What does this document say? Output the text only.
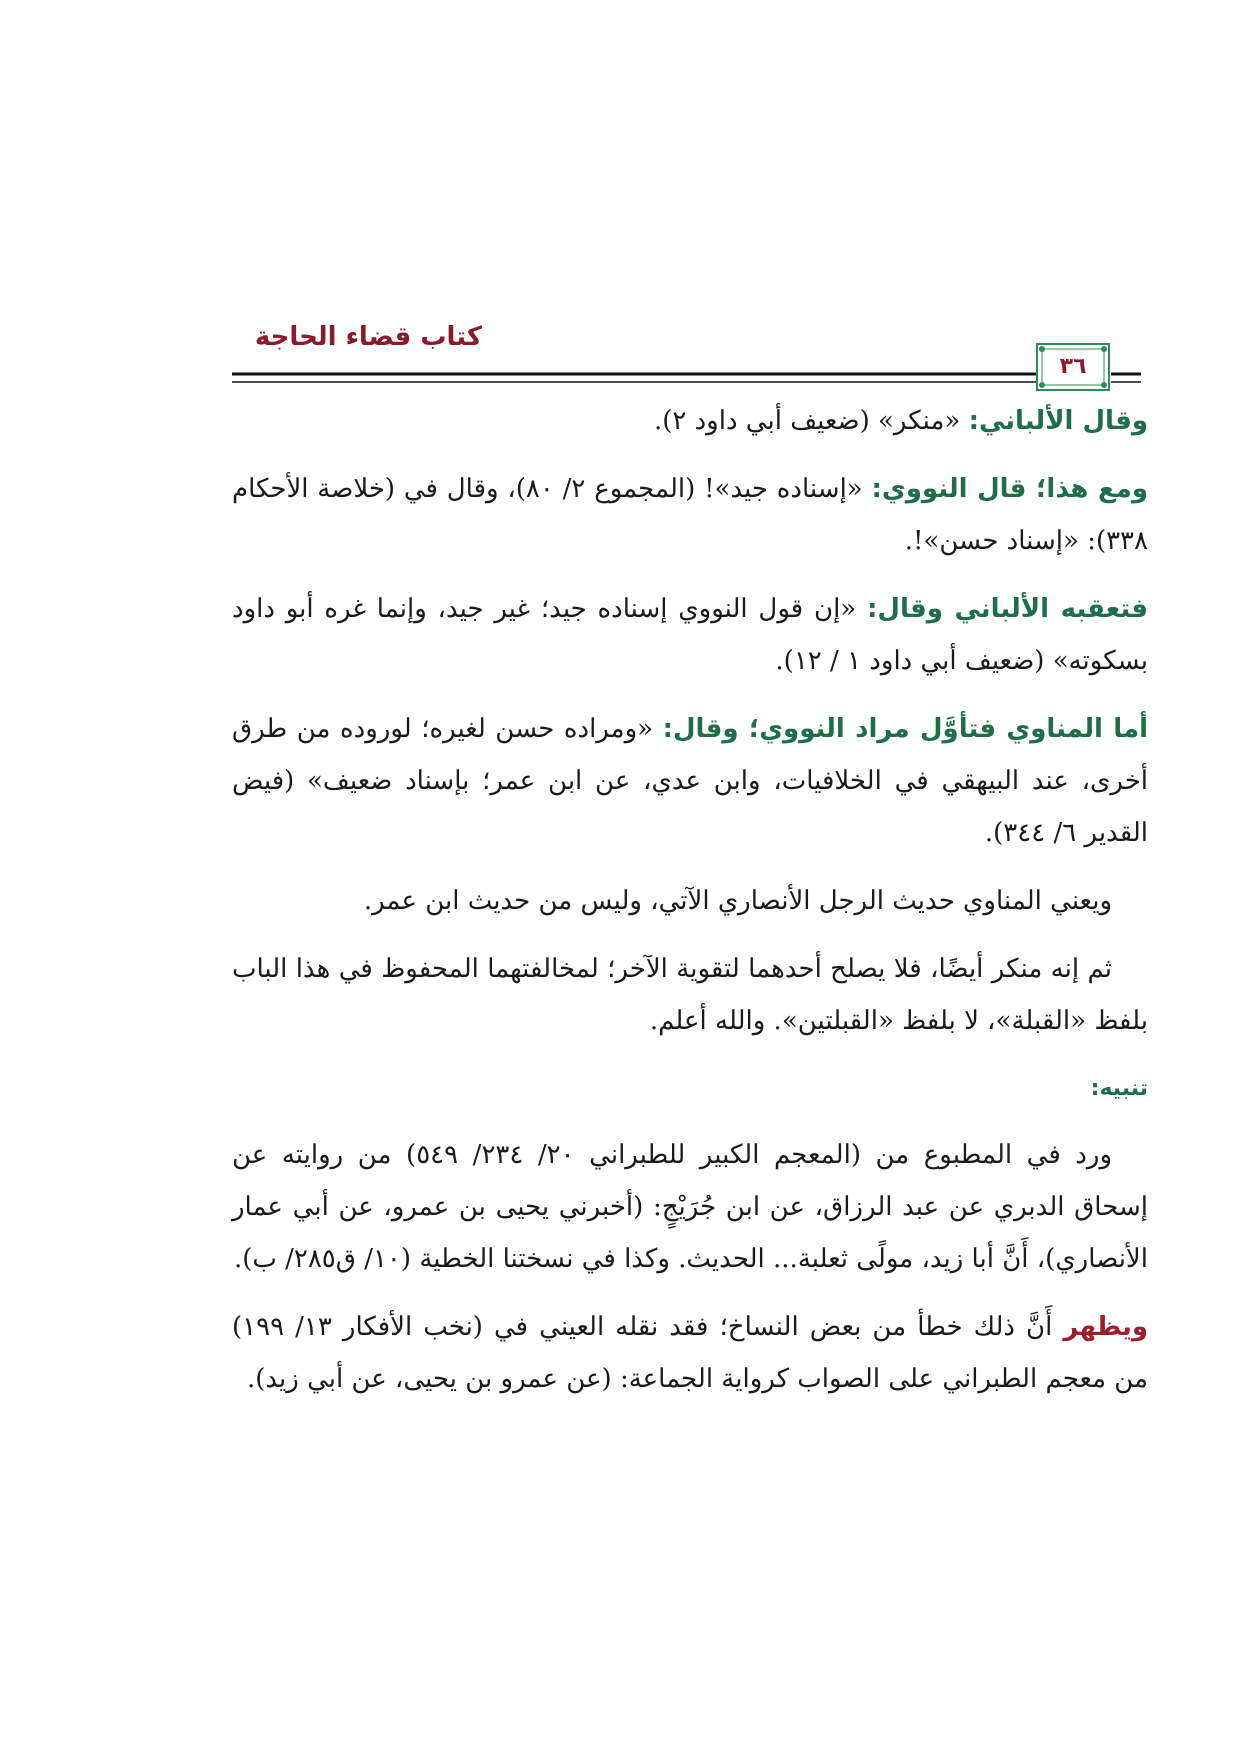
كتاب قضاء الحاجة
٣٦

وقال الألباني: «منكر» (ضعيف أبي داود ٢).

ومع هذا؛ قال النووي: «إسناده جيد»! (المجموع ٢/ ٨٠)، وقال في (خلاصة الأحكام ٣٣٨): «إسناد حسن»!.

فتعقبه الألباني وقال: «إن قول النووي إسناده جيد؛ غير جيد، وإنما غره أبو داود بسكوته» (ضعيف أبي داود ١ / ١٢).

أما المناوي فتأوَّل مراد النووي؛ وقال: «ومراده حسن لغيره؛ لوروده من طرق أخرى، عند البيهقي في الخلافيات، وابن عدي، عن ابن عمر؛ بإسناد ضعيف» (فيض القدير ٦/ ٣٤٤).

ويعني المناوي حديث الرجل الأنصاري الآتي، وليس من حديث ابن عمر.

ثم إنه منكر أيضًا، فلا يصلح أحدهما لتقوية الآخر؛ لمخالفتهما المحفوظ في هذا الباب بلفظ «القبلة»، لا بلفظ «القبلتين». والله أعلم.

تنبيه:

ورد في المطبوع من (المعجم الكبير للطبراني ٢٠/ ٢٣٤/ ٥٤٩) من روايته عن إسحاق الدبري عن عبد الرزاق، عن ابن جُرَيْجٍ: (أخبرني يحيى بن عمرو، عن أبي عمار الأنصاري)، أَنَّ أبا زيد، مولًى ثعلبة... الحديث. وكذا في نسختنا الخطية (١٠/ ق٢٨٥/ ب).

ويظهر أَنَّ ذلك خطأ من بعض النساخ؛ فقد نقله العيني في (نخب الأفكار ١٣/ ١٩٩) من معجم الطبراني على الصواب كرواية الجماعة: (عن عمرو بن يحيى، عن أبي زيد).
